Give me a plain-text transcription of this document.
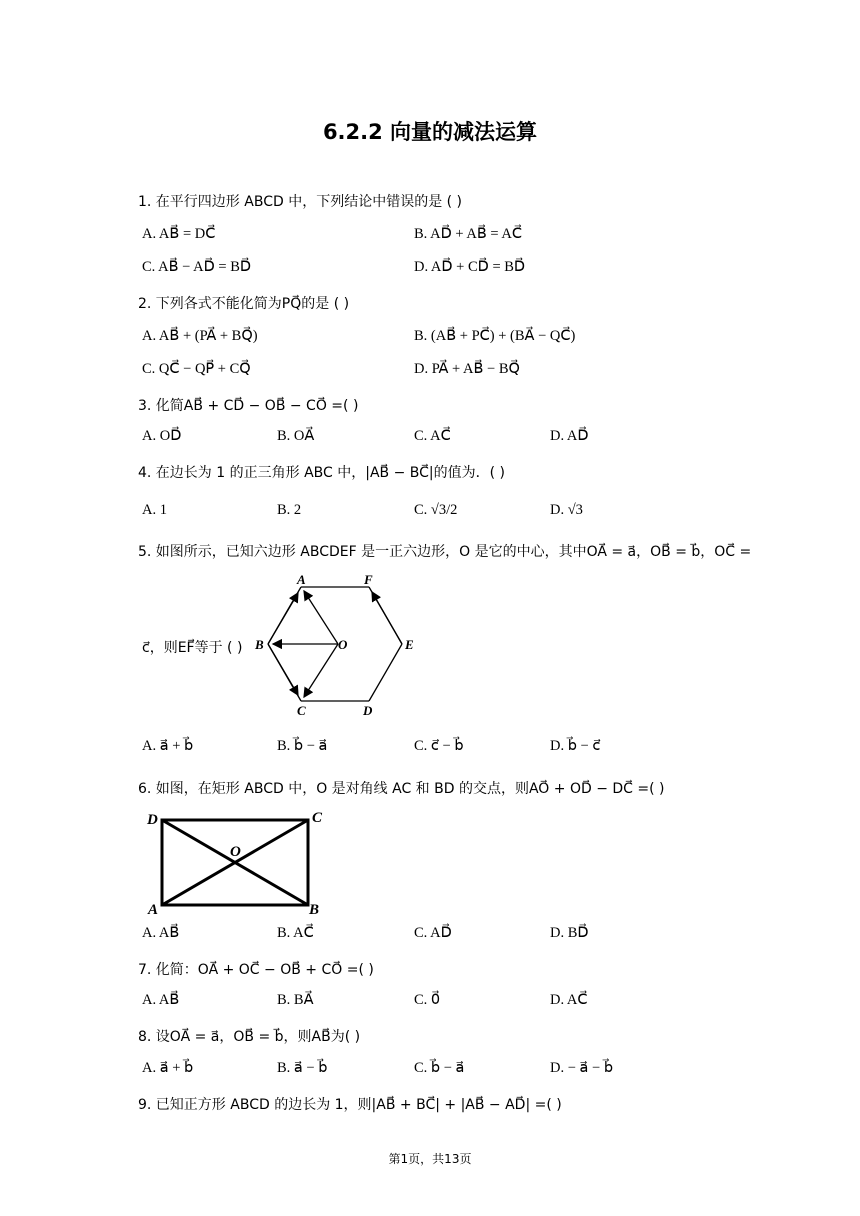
6.2.2 向量的减法运算
1. 在平行四边形 ABCD 中，下列结论中错误的是 ( )
A. AB⃗ = DC⃗	B. AD⃗ + AB⃗ = AC⃗
C. AB⃗ − AD⃗ = BD⃗	D. AD⃗ + CD⃗ = BD⃗
2. 下列各式不能化简为PQ⃗的是 ( )
A. AB⃗ + (PA⃗ + BQ⃗)	B. (AB⃗ + PC⃗) + (BA⃗ − QC⃗)
C. QC⃗ − QP⃗ + CQ⃗	D. PA⃗ + AB⃗ − BQ⃗
3. 化简AB⃗ + CD⃗ − OB⃗ − CO⃗ =( )
A. OD⃗	B. OA⃗	C. AC⃗	D. AD⃗
4. 在边长为 1 的正三角形 ABC 中，|AB⃗ − BC⃗|的值为．( )
A. 1	B. 2	C. √3/2	D. √3
5. 如图所示，已知六边形 ABCDEF 是一正六边形，O 是它的中心，其中OA⃗ = a⃗，OB⃗ = b⃗，OC⃗ =
c⃗，则EF⃗等于 ( )
A	F
B	O	E
C	D
A. a⃗ + b⃗	B. b⃗ − a⃗	C. c⃗ − b⃗	D. b⃗ − c⃗
6. 如图，在矩形 ABCD 中，O 是对角线 AC 和 BD 的交点，则AO⃗ + OD⃗ − DC⃗ =( )
D	C
O
A	B
A. AB⃗	B. AC⃗	C. AD⃗	D. BD⃗
7. 化简：OA⃗ + OC⃗ − OB⃗ + CO⃗ =( )
A. AB⃗	B. BA⃗	C. 0⃗	D. AC⃗
8. 设OA⃗ = a⃗，OB⃗ = b⃗，则AB⃗为( )
A. a⃗ + b⃗	B. a⃗ − b⃗	C. b⃗ − a⃗	D. − a⃗ − b⃗
9. 已知正方形 ABCD 的边长为 1，则|AB⃗ + BC⃗| + |AB⃗ − AD⃗| =( )
第1页，共13页
